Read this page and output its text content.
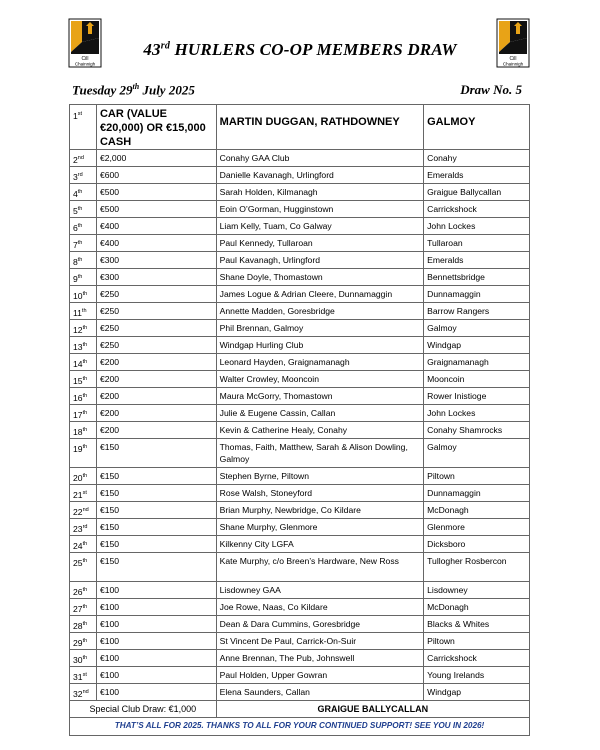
Cill
Chainnigh
Cill
Chainnigh
43rd HURLERS CO-OP MEMBERS DRAW
Tuesday 29th July 2025	Draw No. 5
1st	CAR (VALUE €20,000) OR €15,000 CASH	MARTIN DUGGAN, RATHDOWNEY	GALMOY
2nd	€2,000	Conahy GAA Club	Conahy
3rd	€600	Danielle Kavanagh, Urlingford	Emeralds
4th	€500	Sarah Holden, Kilmanagh	Graigue Ballycallan
5th	€500	Eoin O’Gorman, Hugginstown	Carrickshock
6th	€400	Liam Kelly, Tuam, Co Galway	John Lockes
7th	€400	Paul Kennedy, Tullaroan	Tullaroan
8th	€300	Paul Kavanagh, Urlingford	Emeralds
9th	€300	Shane Doyle, Thomastown	Bennettsbridge
10th	€250	James Logue & Adrian Cleere, Dunnamaggin	Dunnamaggin
11th	€250	Annette Madden, Goresbridge	Barrow Rangers
12th	€250	Phil Brennan, Galmoy	Galmoy
13th	€250	Windgap Hurling Club	Windgap
14th	€200	Leonard Hayden, Graignamanagh	Graignamanagh
15th	€200	Walter Crowley, Mooncoin	Mooncoin
16th	€200	Maura McGorry, Thomastown	Rower Inistioge
17th	€200	Julie & Eugene Cassin, Callan	John Lockes
18th	€200	Kevin & Catherine Healy, Conahy	Conahy Shamrocks
19th	€150	Thomas, Faith, Matthew, Sarah & Alison Dowling, Galmoy	Galmoy
20th	€150	Stephen Byrne, Piltown	Piltown
21st	€150	Rose Walsh, Stoneyford	Dunnamaggin
22nd	€150	Brian Murphy, Newbridge, Co Kildare	McDonagh
23rd	€150	Shane Murphy, Glenmore	Glenmore
24th	€150	Kilkenny City LGFA	Dicksboro
25th	€150	Kate Murphy, c/o Breen’s Hardware, New Ross	Tullogher Rosbercon
26th	€100	Lisdowney GAA	Lisdowney
27th	€100	Joe Rowe, Naas, Co Kildare	McDonagh
28th	€100	Dean & Dara Cummins, Goresbridge	Blacks & Whites
29th	€100	St Vincent De Paul, Carrick-On-Suir	Piltown
30th	€100	Anne Brennan, The Pub, Johnswell	Carrickshock
31st	€100	Paul Holden, Upper Gowran	Young Irelands
32nd	€100	Elena Saunders, Callan	Windgap
Special Club Draw: €1,000		GRAIGUE BALLYCALLAN	
THAT’S ALL FOR 2025. THANKS TO ALL FOR YOUR CONTINUED SUPPORT! SEE YOU IN 2026!			
